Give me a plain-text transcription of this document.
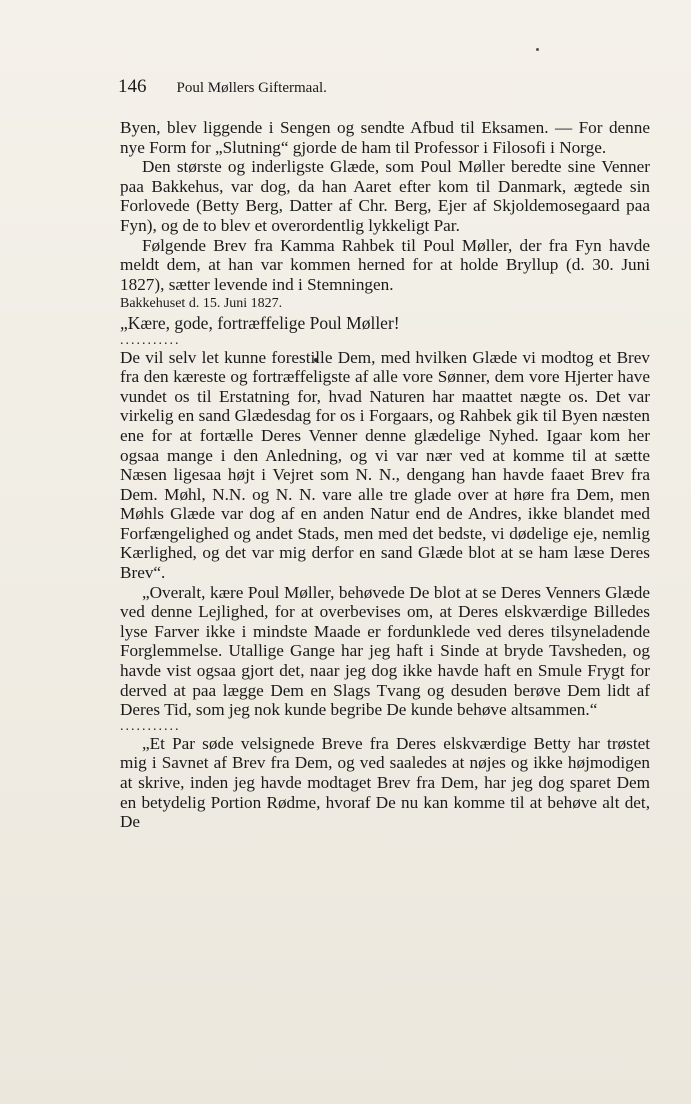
146 Poul Møllers Giftermaal.

Byen, blev liggende i Sengen og sendte Afbud til Eksamen. — For denne nye Form for „Slutning“ gjorde de ham til Professor i Filosofi i Norge.

Den største og inderligste Glæde, som Poul Møller beredte sine Venner paa Bakkehus, var dog, da han Aaret efter kom til Danmark, ægtede sin Forlovede (Betty Berg, Datter af Chr. Berg, Ejer af Skjoldemosegaard paa Fyn), og de to blev et overordentlig lykkeligt Par.

Følgende Brev fra Kamma Rahbek til Poul Møller, der fra Fyn havde meldt dem, at han var kommen herned for at holde Bryllup (d. 30. Juni 1827), sætter levende ind i Stemningen.

Bakkehuset d. 15. Juni 1827.

„Kære, gode, fortræffelige Poul Møller!

...........

De vil selv let kunne forestille Dem, med hvilken Glæde vi modtog et Brev fra den kæreste og fortræffeligste af alle vore Sønner, dem vore Hjerter have vundet os til Erstatning for, hvad Naturen har maattet nægte os. Det var virkelig en sand Glædesdag for os i Forgaars, og Rahbek gik til Byen næsten ene for at fortælle Deres Venner denne glædelige Nyhed. Igaar kom her ogsaa mange i den Anledning, og vi var nær ved at komme til at sætte Næsen ligesaa højt i Vejret som N. N., dengang han havde faaet Brev fra Dem. Møhl, N.N. og N. N. vare alle tre glade over at høre fra Dem, men Møhls Glæde var dog af en anden Natur end de Andres, ikke blandet med Forfængelighed og andet Stads, men med det bedste, vi dødelige eje, nemlig Kærlighed, og det var mig derfor en sand Glæde blot at se ham læse Deres Brev“.

„Overalt, kære Poul Møller, behøvede De blot at se Deres Venners Glæde ved denne Lejlighed, for at overbevises om, at Deres elskværdige Billedes lyse Farver ikke i mindste Maade er fordunklede ved deres tilsyneladende Forglemmelse. Utallige Gange har jeg haft i Sinde at bryde Tavsheden, og havde vist ogsaa gjort det, naar jeg dog ikke havde haft en Smule Frygt for derved at paa lægge Dem en Slags Tvang og desuden berøve Dem lidt af Deres Tid, som jeg nok kunde begribe De kunde behøve altsammen.“

...........

„Et Par søde velsignede Breve fra Deres elskværdige Betty har trøstet mig i Savnet af Brev fra Dem, og ved saaledes at nøjes og ikke højmodigen at skrive, inden jeg havde modtaget Brev fra Dem, har jeg dog sparet Dem en betydelig Portion Rødme, hvoraf De nu kan komme til at behøve alt det, De
